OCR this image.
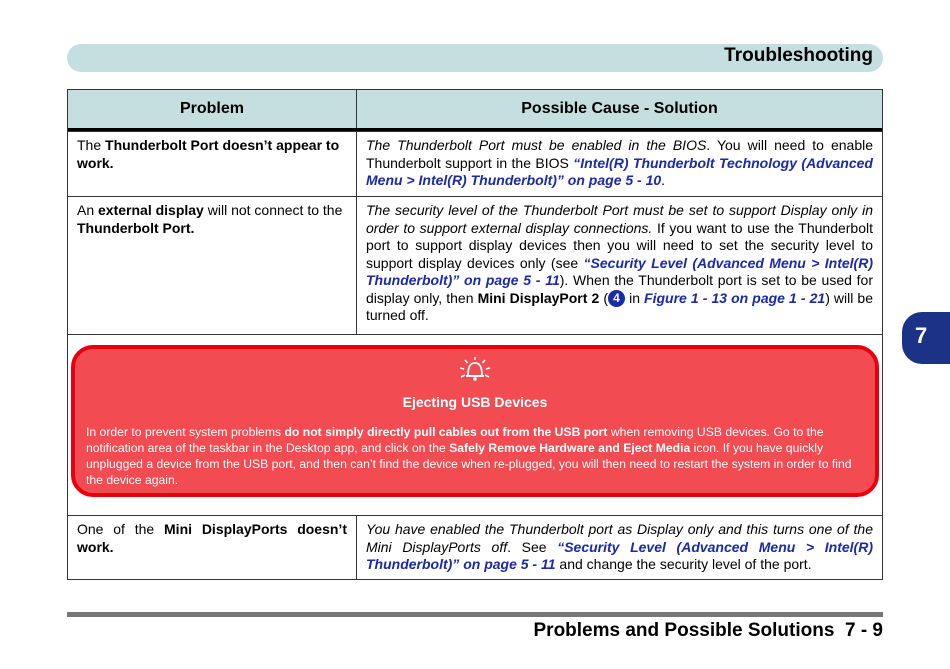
Troubleshooting
7
Problem	Possible Cause - Solution
The Thunderbolt Port doesn’t appear to work.
The Thunderbolt Port must be enabled in the BIOS. You will need to enable Thunderbolt support in the BIOS “Intel(R) Thunderbolt Technology (Advanced Menu > Intel(R) Thunderbolt)” on page 5 - 10.
An external display will not connect to the Thunderbolt Port.
The security level of the Thunderbolt Port must be set to support Display only in order to support external display connections. If you want to use the Thunderbolt port to support display devices then you will need to set the security level to support display devices only (see “Security Level (Advanced Menu > Intel(R) Thunderbolt)” on page 5 - 11). When the Thunderbolt port is set to be used for display only, then Mini DisplayPort 2 ( 4 in Figure 1 - 13 on page 1 - 21) will be turned off.
One of the Mini DisplayPorts doesn’t work.
You have enabled the Thunderbolt port as Display only and this turns one of the Mini DisplayPorts off. See “Security Level (Advanced Menu > Intel(R) Thunderbolt)” on page 5 - 11 and change the security level of the port.
Ejecting USB Devices
In order to prevent system problems do not simply directly pull cables out from the USB port when removing USB devices. Go to the notification area of the taskbar in the Desktop app, and click on the Safely Remove Hardware and Eject Media icon. If you have quickly unplugged a device from the USB port, and then can’t find the device when re-plugged, you will then need to restart the system in order to find the device again.
Problems and Possible Solutions 7 - 9
